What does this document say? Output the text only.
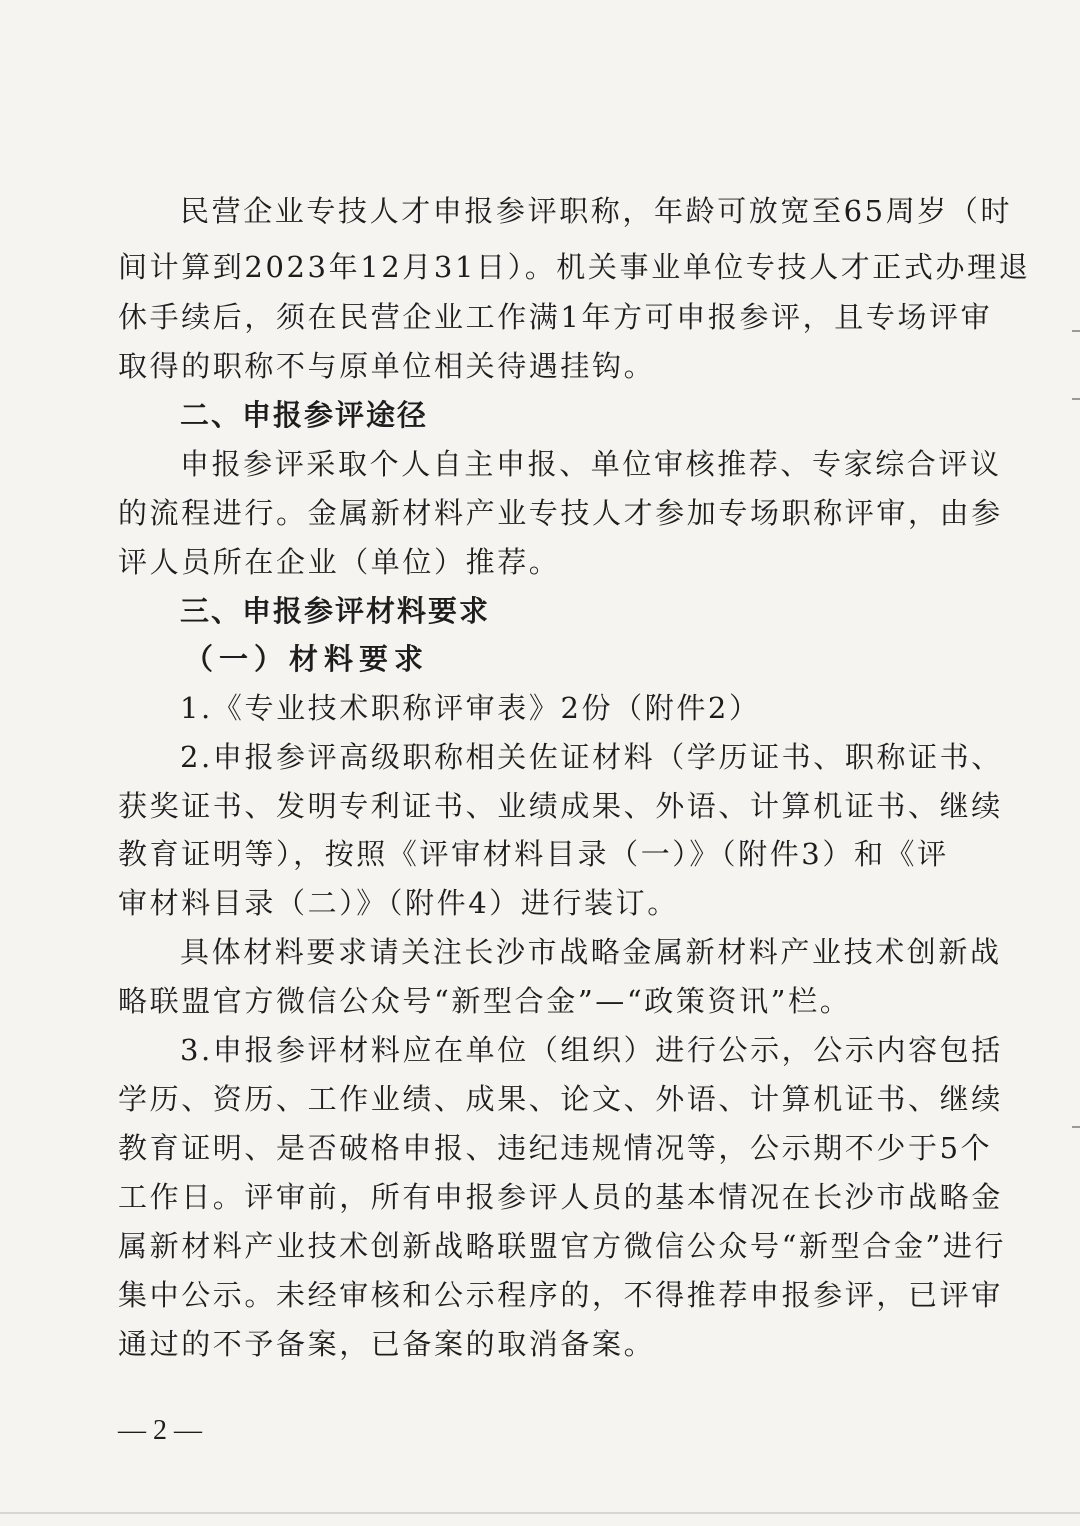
民营企业专技人才申报参评职称，年龄可放宽至65周岁（时
间计算到2023年12月31日）。机关事业单位专技人才正式办理退
休手续后，须在民营企业工作满1年方可申报参评，且专场评审
取得的职称不与原单位相关待遇挂钩。
二、申报参评途径
申报参评采取个人自主申报、单位审核推荐、专家综合评议
的流程进行。金属新材料产业专技人才参加专场职称评审，由参
评人员所在企业（单位）推荐。
三、申报参评材料要求
（一）材料要求
1.《专业技术职称评审表》2份（附件2）
2.申报参评高级职称相关佐证材料（学历证书、职称证书、
获奖证书、发明专利证书、业绩成果、外语、计算机证书、继续
教育证明等），按照《评审材料目录（一）》（附件3）和《评
审材料目录（二）》（附件4）进行装订。
具体材料要求请关注长沙市战略金属新材料产业技术创新战
略联盟官方微信公众号“新型合金”—“政策资讯”栏。
3.申报参评材料应在单位（组织）进行公示，公示内容包括
学历、资历、工作业绩、成果、论文、外语、计算机证书、继续
教育证明、是否破格申报、违纪违规情况等，公示期不少于5个
工作日。评审前，所有申报参评人员的基本情况在长沙市战略金
属新材料产业技术创新战略联盟官方微信公众号“新型合金”进行
集中公示。未经审核和公示程序的，不得推荐申报参评，已评审
通过的不予备案，已备案的取消备案。
— 2 —
